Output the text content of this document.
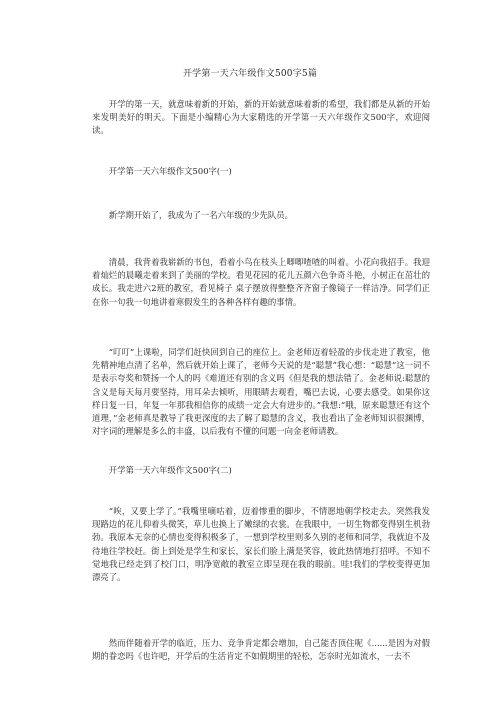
开学第一天六年级作文500字5篇

开学的第一天，就意味着新的开始，新的开始就意味着新的希望，我们都是从新的开始来发明美好的明天。下面是小编精心为大家精选的开学第一天六年级作文500字，欢迎阅读。

开学第一天六年级作文500字(一)

新学期开始了，我成为了一名六年级的少先队员。

清晨，我背着我崭新的书包，看着小鸟在枝头上唧唧喳喳的叫着。小花向我招手。我迎着灿烂的晨曦走着来到了美丽的学校。看见花园的花儿五颜六色争奇斗艳，小树正在茁壮的成长。我走进六2班的教室，看见椅子 桌子摆放得整整齐齐窗子像镜子一样洁净。同学们正在你一句我一句地讲着寒假发生的各种各样有趣的事情。

“叮叮”上课啦，同学们赶快回到自己的座位上。金老师迈着轻盈的步伐走进了教室，他先精神地点清了名单，然后就开始上课了，老师今天说的是“聪慧”我心想：“聪慧”这一词不是表示夸奖和赞扬一个人的吗《难道还有别的含义吗《但是我的想法错了。金老师说:聪慧的含义是每天每月要坚持，用耳朵去倾听，用眼睛去观看，嘴巴去说，心要去感受。如果你这样日复一日，年复一年那我相信你的成绩一定会大有进步的。”我想:“哦，原来聪慧还有这个道理，”金老师真是教导了我更深度的去了解了聪慧的含义，我也看出了金老师知识很渊博，对字词的理解是多么的丰盛，以后我有不懂的问题一向金老师请教。

开学第一天六年级作文500字(二)

“唉，又要上学了。”我嘴里嘀咕着，迈着惨重的脚步，不情愿地朝学校走去。突然我发现路边的花儿仰着头微笑，草儿也换上了嫩绿的衣裳。在我眼中，一切生物都变得别生机勃勃。我原本无奈的心情也变得积极多了，一想到学校里则多久别的老师和同学，我就迫不及待地往学校赶。街上到处是学生和家长，家长们脸上满是笑容，彼此热情地打招呼。不知不觉地我已经走到了校门口，明净宽敞的教室立即呈现在我的眼前。哇!我们的学校变得更加漂亮了。

然而伴随着开学的临近，压力、竞争肯定都会增加，自己能否顶住呢《......是因为对假期的眷恋吗《也许吧，开学后的生活肯定不如假期里的轻松，怎奈时光如流水，一去不
